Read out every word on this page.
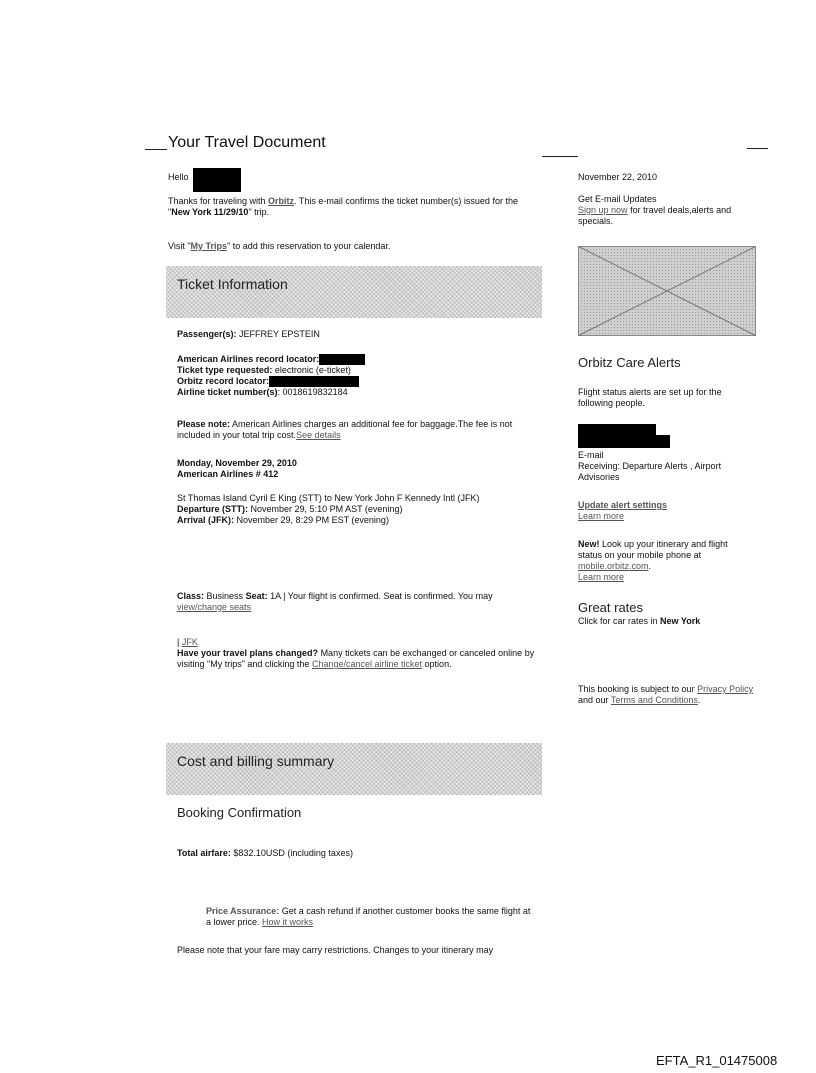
Your Travel Document
Hello
Thanks for traveling with Orbitz. This e-mail confirms the ticket number(s) issued for the "New York 11/29/10" trip.
Visit "My Trips" to add this reservation to your calendar.
Ticket Information
Passenger(s): JEFFREY EPSTEIN
American Airlines record locator:
Ticket type requested: electronic (e-ticket)
Orbitz record locator:
Airline ticket number(s): 0018619832184
Please note: American Airlines charges an additional fee for baggage.The fee is not included in your total trip cost.See details
Monday, November 29, 2010
American Airlines # 412
St Thomas Island Cyril E King (STT) to New York John F Kennedy Intl (JFK)
Departure (STT): November 29, 5:10 PM AST (evening)
Arrival (JFK): November 29, 8:29 PM EST (evening)
Class: Business Seat: 1A | Your flight is confirmed. Seat is confirmed. You may
view/change seats
| JFK
Have your travel plans changed? Many tickets can be exchanged or canceled online by visiting "My trips" and clicking the Change/cancel airline ticket option.
Cost and billing summary
Booking Confirmation
Total airfare: $832.10USD (including taxes)
Price Assurance: Get a cash refund if another customer books the same flight at a lower price. How it works
Please note that your fare may carry restrictions. Changes to your itinerary may
November 22, 2010
Get E-mail Updates
Sign up now for travel deals,alerts and specials.
Orbitz Care Alerts
Flight status alerts are set up for the following people.
E-mail
Receiving: Departure Alerts , Airport Advisories
Update alert settings
Learn more
New! Look up your itinerary and flight status on your mobile phone at
mobile.orbitz.com.
Learn more
Great rates
Click for car rates in New York
This booking is subject to our Privacy Policy and our Terms and Conditions.
EFTA_R1_01475008
